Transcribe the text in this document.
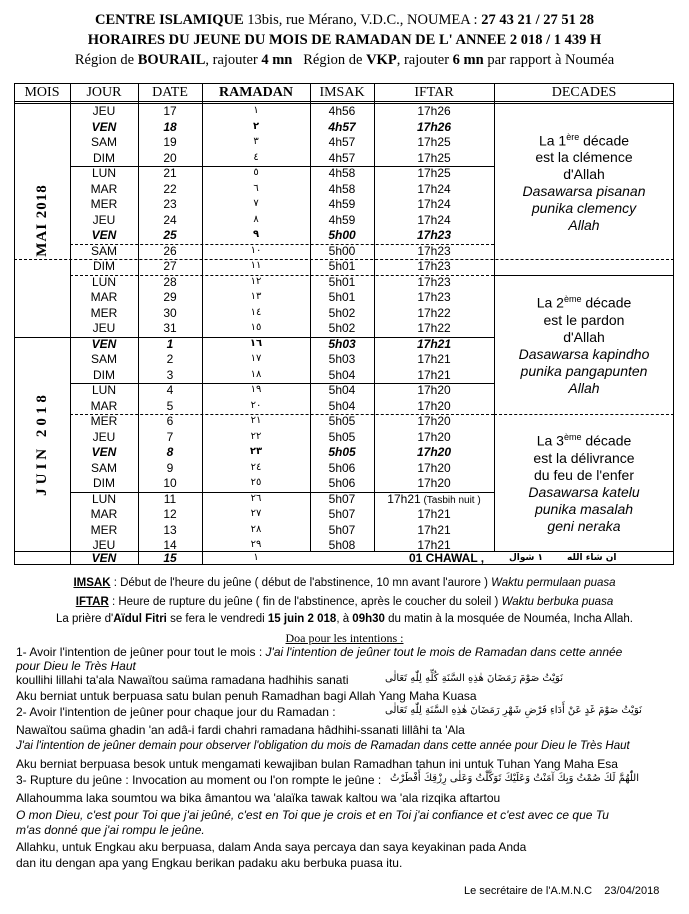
CENTRE ISLAMIQUE 13bis, rue Mérano, V.D.C., NOUMEA : 27 43 21 / 27 51 28
HORAIRES DU JEUNE DU MOIS DE RAMADAN DE L' ANNEE 2 018 / 1 439 H
Région de BOURAIL, rajouter 4 mn Région de VKP, rajouter 6 mn par rapport à Nouméa
MOIS	JOUR	DATE	RAMADAN	IMSAK	IFTAR	DECADES
JEU	17	١	4h56	17h26
VEN	18	٢	4h57	17h26
SAM	19	٣	4h57	17h25
DIM	20	٤	4h57	17h25
LUN	21	٥	4h58	17h25
MAR	22	٦	4h58	17h24
MER	23	٧	4h59	17h24
JEU	24	٨	4h59	17h24
VEN	25	٩	5h00	17h23
SAM	26	١٠	5h00	17h23
DIM	27	١١	5h01	17h23
LUN	28	١٢	5h01	17h23
MAR	29	١٣	5h01	17h23
MER	30	١٤	5h02	17h22
JEU	31	١٥	5h02	17h22
VEN	1	١٦	5h03	17h21
SAM	2	١٧	5h03	17h21
DIM	3	١٨	5h04	17h21
LUN	4	١٩	5h04	17h20
MAR	5	٢٠	5h04	17h20
MER	6	٢١	5h05	17h20
JEU	7	٢٢	5h05	17h20
VEN	8	٢٣	5h05	17h20
SAM	9	٢٤	5h06	17h20
DIM	10	٢٥	5h06	17h20
LUN	11	٢٦	5h07	17h21 (Tasbih nuit )
MAR	12	٢٧	5h07	17h21
MER	13	٢٨	5h07	17h21
JEU	14	٢٩	5h08	17h21
MAI 2018
JUIN 2018
La 1ère décade
est la clémence
d'Allah
Dasawarsa pisanan
punika clemency
Allah
La 2ème décade
est le pardon
d'Allah
Dasawarsa kapindho
punika pangapunten
Allah
La 3ème décade
est la délivrance
du feu de l'enfer
Dasawarsa katelu
punika masalah
geni neraka
VEN	15	١	01 CHAWAL ,	١ شوال	ان شاء الله
IMSAK : Début de l'heure du jeûne ( début de l'abstinence, 10 mn avant l'aurore ) Waktu permulaan puasa
IFTAR : Heure de rupture du jeûne ( fin de l'abstinence, après le coucher du soleil ) Waktu berbuka puasa
La prière d'Aïdul Fitri se fera le vendredi 15 juin 2 018, à 09h30 du matin à la mosquée de Nouméa, Incha Allah.
Doa pour les intentions :
1- Avoir l'intention de jeûner pour tout le mois : J'ai l'intention de jeûner tout le mois de Ramadan dans cette année
pour Dieu le Très Haut
koullihi lillahi ta'ala Nawaïtou saüma ramadana hadhihis sanati	نَوَيْتُ صَوْمَ رَمَضَانَ هٰذِهِ السَّنَةِ كُلِّهِ لِلّٰهِ تَعَالٰى
Aku berniat untuk berpuasa satu bulan penuh Ramadhan bagi Allah Yang Maha Kuasa
2- Avoir l'intention de jeûner pour chaque jour du Ramadan :	نَوَيْتُ صَوْمَ غَدٍ عَنْ أَدَاءِ فَرْضِ شَهْرِ رَمَضَانَ هٰذِهِ السَّنَةِ لِلّٰهِ تَعَالٰى
Nawaïtou saüma ghadin 'an adâ-i fardi chahri ramadana hâdhihi-ssanati lillâhi ta 'Ala
J'ai l'intention de jeûner demain pour observer l'obligation du mois de Ramadan dans cette année pour Dieu le Très Haut
Aku berniat berpuasa besok untuk mengamati kewajiban bulan Ramadhan tahun ini untuk Tuhan Yang Maha Esa
3- Rupture du jeûne : Invocation au moment ou l'on rompte le jeûne : اللّٰهُمَّ لَكَ صُمْتُ وَبِكَ آمَنْتُ وَعَلَيْكَ تَوَكَّلْتُ وَعَلٰى رِزْقِكَ أَفْطَرْتُ
Allahoumma laka soumtou wa bika âmantou wa 'alaïka tawak kaltou wa 'ala rizqika aftartou
O mon Dieu, c'est pour Toi que j'ai jeûné, c'est en Toi que je crois et en Toi j'ai confiance et c'est avec ce que Tu
m'as donné que j'ai rompu le jeûne.
Allahku, untuk Engkau aku berpuasa, dalam Anda saya percaya dan saya keyakinan pada Anda
dan itu dengan apa yang Engkau berikan padaku aku berbuka puasa itu.
Le secrétaire de l'A.M.N.C 23/04/2018
